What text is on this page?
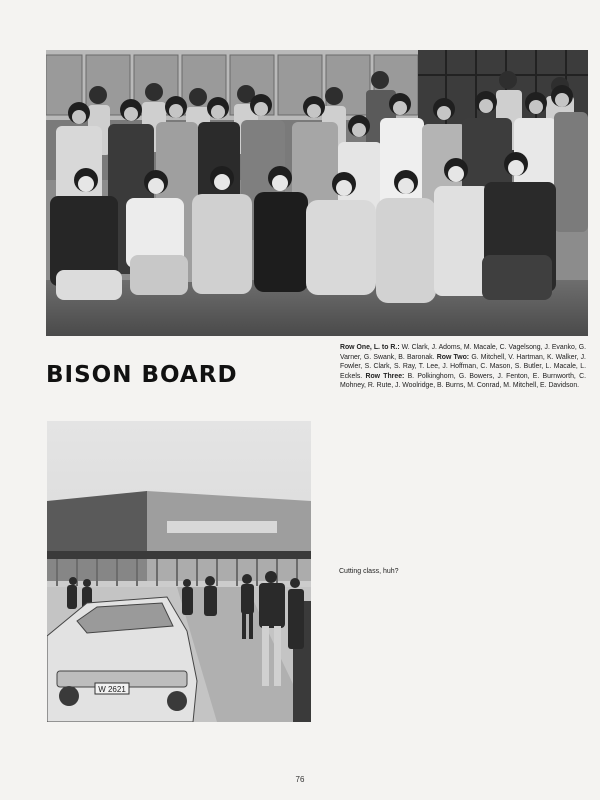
BISON BOARD
Row One, L. to R.: W. Clark, J. Adoms, M. Macale, C. Vagelsong, J. Evanko, G. Varner, G. Swank, B. Baronak. Row Two: G. Mitchell, V. Hartman, K. Walker, J. Fowler, S. Clark, S. Ray, T. Lee, J. Hoffman, C. Mason, S. Butler, L. Macale, L. Eckels. Row Three: B. Polkinghorn, G. Bowers, J. Fenton, E. Burnworth, C. Mohney, R. Rute, J. Woolridge, B. Burns, M. Conrad, M. Mitchell, E. Davidson.
W 2621
Cutting class, huh?
76
